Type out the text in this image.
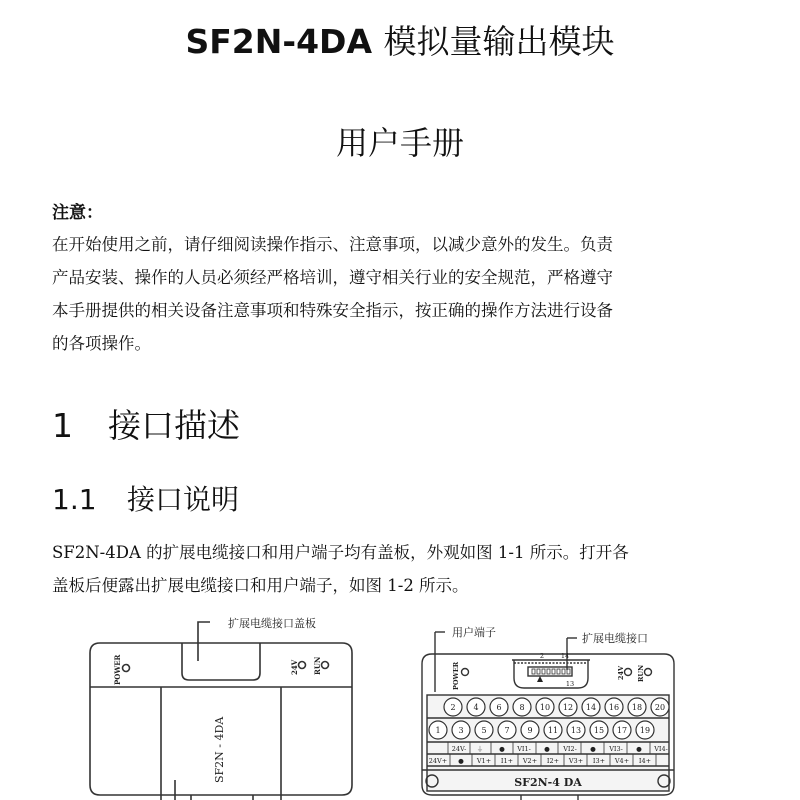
SF2N-4DA 模拟量输出模块
用户手册
注意：
在开始使用之前，请仔细阅读操作指示、注意事项，以减少意外的发生。负责
产品安装、操作的人员必须经严格培训，遵守相关行业的安全规范，严格遵守
本手册提供的相关设备注意事项和特殊安全指示，按正确的操作方法进行设备
的各项操作。
1 接口描述
1.1 接口说明
SF2N-4DA 的扩展电缆接口和用户端子均有盖板，外观如图 1-1 所示。打开各
盖板后便露出扩展电缆接口和用户端子，如图 1-2 所示。
扩展电缆接口盖板
POWER	24V RUN
SF2N - 4DA
2	14
13
2 4 6 8 10 12 14 16 18 20
1 3 5 7 9 11 13 15 17 19
24V- ⏚ ● VI1- ● VI2- ● VI3- ● VI4-
24V+ ● V1+ I1+ V2+ I2+ V3+ I3+ V4+ I4+
用户端子	扩展电缆接口
POWER	24V RUN
SF2N-4 DA
